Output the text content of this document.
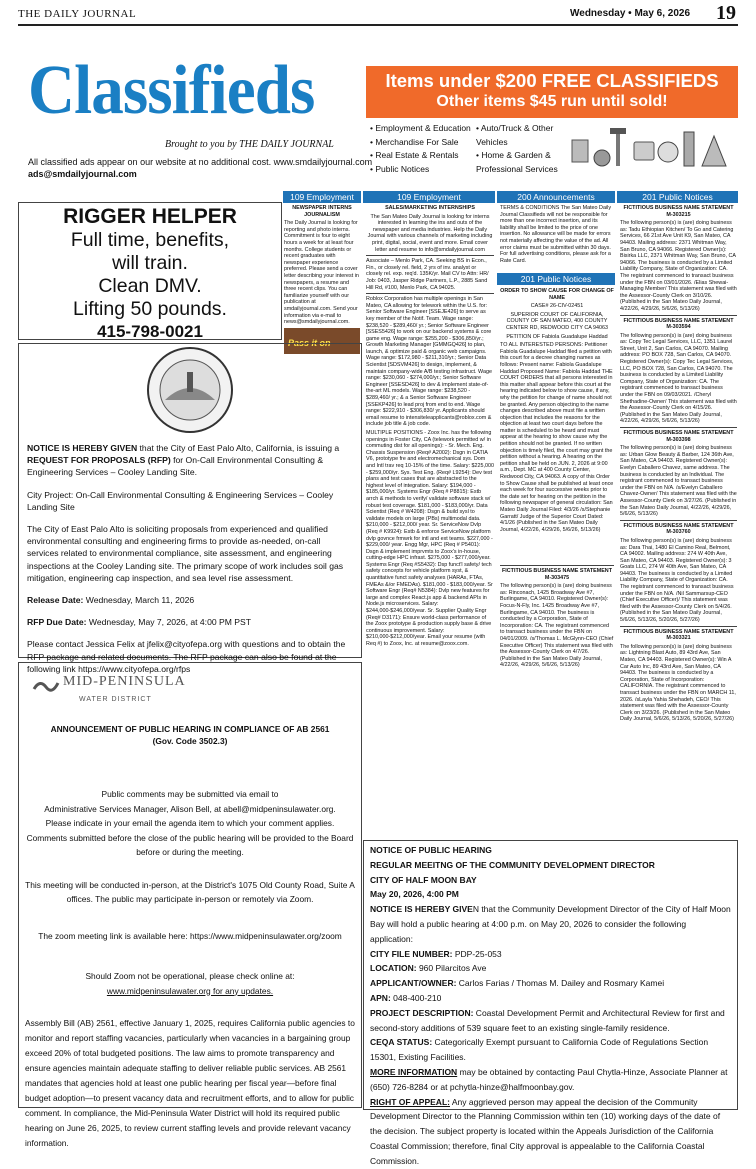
THE DAILY JOURNAL	Wednesday • May 6, 2026 19
Classifieds
Brought to you by THE DAILY JOURNAL
Items under $200 FREE CLASSIFIEDS
Other items $45 run until sold!
• Employment & Education
• Merchandise For Sale
• Real Estate & Rentals
• Public Notices
• Auto/Truck & Other Vehicles
• Home & Garden & Professional Services
All classified ads appear on our website at no additional cost. www.smdailyjournal.com
ads@smdailyjournal.com
109 Employment	109 Employment	200 Announcements	201 Public Notices
RIGGER HELPER
Full time, benefits,
will train.
Clean DMV.
Lifting 50 pounds.
415-798-0021

NEWSPAPER INTERNS JOURNALISM

The Daily Journal is looking for reporting and photo interns. Commitment is four to eight hours a week for at least four months. College students or recent graduates with newspaper experience preferred. Please send a cover letter describing your interest in newspapers, a resume and three recent clips. You can familiarize yourself with our publication at smdailyjournal.com. Send your information via e-mail to news@smdailyjournal.com.

Pass it on

SALES/MARKETING INTERNSHIPS

The San Mateo Daily Journal is looking for interns interested in learning the ins and outs of the newspaper and media industries. Help the Daily Journal with various channels of marketing including print, digital, social, event and more. Email cover letter and resume to info@smdailyjournal.com

Associate – Menlo Park, CA. Seeking BS in Econ., Fin., or closely rel. field, 2 yrs of inv. analyst or closely rel. exp. req'd. 135K/yr. Mail CV to Attn: HR/ Job: 0403, Jasper Ridge Partners, L.P., 2885 Sand Hill Rd, #100, Menlo Park, CA 94025.

Roblox Corporation has multiple openings in San Mateo, CA allowing for telework within the U.S. for: Senior Software Engineer [SSEJE426] to serve as key member of the Notif. Team. Wage range: $238,520 - $289,460/ yr.; Senior Software Engineer [SSES5426] to work on our backend systems & core game eng. Wage range: $255,200 - $306,850/yr.; Growth Marketing Manager [GMMGQ426] to plan, launch, & optimize paid & organic web campaigns. Wage range: $172,980 - $211,310/yr.; Senior Data Scientist [SDSVM426] to design, implement, & maintain company-wide A/B testing infrastruct. Wage range: $230,060 - $274,000/yr.; Senior Software Engineer [SSESD426] to dev & implement state-of-the-art ML models. Wage range: $238,520 - $289,460/ yr.; & a Senior Software Engineer [SSEKP426] to lead proj from end to end. Wage range: $222,910 - $306,830/ yr. Applicants should email resume to intensiteleapplicants@roblox.com & include job title & job code.

MULTIPLE POSITIONS - Zoox Inc. has the following openings in Foster City, CA (telework permitted w/ in commuting dist for all openings): - Sr. Mech. Eng. Chassis Suspension (Req# A2002): Dsgn in CATIA V6, prototype fre and electromechanical sys. Dom and Intl trav req 10-15% of the time. Salary: $225,000 - $259,000/yr. Sys. Test Eng. (Req# L9254): Dev test plans and test cases that are abstracted to the highest level of integration. Salary: $194,000 - $185,000/yr. Systems Engr (Req # P8815): Estb arrch & methods to verify/ validate software stack w/ robust test coverage. $181,000 - $183,000/yr. Data Scientist (Req # W4208): Dsgn & build sysl to validate models on large (PBs) multimodal data. $210,000 - $212,000/ year. Sr. ServiceNow Dvlp (Req # K9924): Estb & enforce ServiceNow platform dvlp govnce frmwrk for intl and ext teams. $227,000 - $229,000/ year. Engg Mgr, HPC (Req # P5401): Dsgn & implement imprvmts to Zoox's in-house, cutting-edge HPC infrast. $275,000 - $277,000/year. Systems Engr (Req #S5432): Dsp funct'l safety/ tech safety concepts for vehicle platform syst, & quantitative funct safety analyses (HARAs, FTAs, FMEAs &/or FMEDAs). $181,000 - $183,000/year. Sr Software Engr (Req# N5384): Dvlp new features for large and complex React.js app & backend APIs in Node.js microservices. Salary: $244,000-$246,000/year. Sr. Supplier Quality Engr (Req# D3171): Ensure world-class performance of the Zoox prototype & production supply base & drive continuous improvement. Salary: $210,000-$212,000/year. Email your resume (with Req #) to Zoox, Inc. at resume@zoox.com.

TERMS & CONDITIONS The San Mateo Daily Journal Classifieds will not be responsible for more than one incorrect insertion, and its liability shall be limited to the price of one insertion. No allowance will be made for errors not materially affecting the value of the ad. All error claims must be submitted within 30 days. For full advertising conditions, please ask for a Rate Card.

201 Public Notices

ORDER TO SHOW CAUSE FOR CHANGE OF NAME

CASE# 26-CIV-02451

SUPERIOR COURT OF CALIFORNIA, COUNTY OF SAN MATEO, 400 COUNTY CENTER RD, REDWOOD CITY CA 94063

PETITION OF Fabiola Guadalupe Haddad

TO ALL INTERESTED PERSONS: Petitioner Fabiola Guadalupe Haddad filed a petition with this court for a decree changing names as follows: Present name: Fabiola Guadalupe Haddad Proposed Name: Fabiola Haddad THE COURT ORDERS that all persons interested in this matter shall appear before this court at the hearing indicated below to show cause, if any, why the petition for change of name should not be granted. Any person objecting to the name changes described above must file a written objection that includes the reasons for the objection at least two court days before the matter is scheduled to be heard and must appear at the hearing to show cause why the petition should not be granted. If no written objection is timely filed, the court may grant the petition without a hearing. A hearing on the petition shall be held on JUN. 2, 2026 at 9:00 a.m., Dept. MC at 400 County Center, Redwood City, CA 94063. A copy of this Order to Show Cause shall be published at least once each week for four successive weeks prior to the date set for hearing on the petition in the following newspaper of general circulation: San Mateo Daily Journal Filed: 4/3/26 /s/Stephanie Garratt/ Judge of the Superior Court Dated: 4/1/26 (Published in the San Mateo Daily Journal, 4/22/26, 4/29/26, 5/6/26, 5/13/26)

FICTITIOUS BUSINESS NAME STATEMENT M-303475

The following person(s) is (are) doing business as: Rinconach, 1425 Broadway Ave #7, Burlingame, CA 94010. Registered Owner(s): Focus-N-Fly, Inc. 1425 Broadway Ave #7, Burlingame, CA 94010. The business is conducted by a Corporation, State of Incorporation: CA. The registrant commenced to transact business under the FBN on 04/01/2009. /s/Thomas L. McGlynn-CEO (Chief Executive Officer) This statement was filed with the Assessor-County Clerk on 4/7/26. (Published in the San Mateo Daily Journal, 4/22/26, 4/29/26, 5/6/26, 5/13/26)

FICTITIOUS BUSINESS NAME STATEMENT M-303215

The following person(s) is (are) doing business as: Tadu Ethiopian Kitchen/ To Go and Catering Services, 66 21st Ave Unit K9, San Mateo, CA 94403. Mailing address: 2371 Whitman Way, San Bruno, CA 94066. Registered Owner(s): Bisirka LLC, 2371 Whitman Way, San Bruno, CA 94066. The business is conducted by a Limited Liability Company, State of Organization: CA. The registrant commenced to transact business under the FBN on 03/01/2026. /Elias Shewai-Managing Member/ This statement was filed with the Assessor-County Clerk on 3/10/26. (Published in the San Mateo Daily Journal, 4/22/26, 4/29/26, 5/6/26, 5/13/26)

FICTITIOUS BUSINESS NAME STATEMENT M-303594

The following person(s) is (are) doing business as: Copy Tec Legal Services, LLC, 1351 Laurel Street, Unit 2, San Carlos, CA 94070. Mailing address: PO BOX 728, San Carlos, CA 94070. Registered Owner(s): Copy Tec Legal Services, LLC, PO BOX 728, San Carlos, CA 94070. The business is conducted by a Limited Liability Company, State of Organization: CA. The registrant commenced to transact business under the FBN on 09/03/2021. /Cheryl Shethadine-Owner/ This statement was filed with the Assessor-County Clerk on 4/15/26. (Published in the San Mateo Daily Journal, 4/22/26, 4/29/26, 5/6/26, 5/13/26)

FICTITIOUS BUSINESS NAME STATEMENT M-303398

The following person(s) is (are) doing business as: Urban Glow Beauty & Barber, 124 36th Ave, San Mateo, CA 94403. Registered Owner(s): Evelyn Caballero Chavez, same address. The business is conducted by an Individual. The registrant commenced to transact business under the FBN on N/A. /s/Evelyn Caballero Chavez-Owner/ This statement was filed with the Assessor-County Clerk on 3/27/26. (Published in the San Mateo Daily Journal, 4/22/26, 4/29/26, 5/6/26, 5/13/26)

FICTITIOUS BUSINESS NAME STATEMENT M-303760

The following person(s) is (are) doing business as: Dara Thai, 1480 El Camino Real, Belmont, CA 94002. Mailing address: 274 W 40th Ave, San Mateo, CA 94403. Registered Owner(s): 3 Goats LLC, 274 W 40th Ave, San Mateo, CA 94403. The business is conducted by a Limited Liability Company, State of Organization: CA. The registrant commenced to transact business under the FBN on N/A. /Nil Sammarsup-CEO (Chief Executive Officer)/ This statement was filed with the Assessor-County Clerk on 5/4/26. (Published in the San Mateo Daily Journal, 5/6/26, 5/13/26, 5/20/26, 5/27/26)

FICTITIOUS BUSINESS NAME STATEMENT M-303321

The following person(s) is (are) doing business as: Lightning Blast Auto, 89 43rd Ave, San Mateo, CA 94403. Registered Owner(s): Win A Car Auto Inc, 89 43rd Ave, San Mateo, CA 94403. The business is conducted by a Corporation, State of Incorporation: CALIFORNIA. The registrant commenced to transact business under the FBN on MARCH 11, 2026. /sLayla Yahia Shehadeh, CEO/ This statement was filed with the Assessor-County Clerk on 3/23/26. (Published in the San Mateo Daily Journal, 5/6/26, 5/13/26, 5/20/26, 5/27/26)

NOTICE IS HEREBY GIVEN that the City of East Palo Alto, California, is issuing a REQUEST FOR PROPOSALS (RFP) for On-Call Environmental Consulting & Engineering Services – Cooley Landing Site.

City Project: On-Call Environmental Consulting & Engineering Services – Cooley Landing Site

The City of East Palo Alto is soliciting proposals from experienced and qualified environmental consulting and engineering firms to provide as-needed, on-call services related to environmental compliance, site assessment, and engineering inspections at the Cooley Landing site. The primary scope of work includes soil gas mitigation, engineering cap inspection, and sea level rise assessment.

Release Date: Wednesday, March 11, 2026

RFP Due Date: Wednesday, May 7, 2026, at 4:00 PM PST

Please contact Jessica Felix at jfelix@cityofepa.org with questions and to obtain the RFP package and related documents. The RFP package can also be found at the following link https://www.cityofepa.org/rfps

MID-PENINSULA
WATER DISTRICT
ANNOUNCEMENT OF PUBLIC HEARING IN COMPLIANCE OF AB 2561
(Gov. Code 3502.3)
Public comments may be submitted via email to
Administrative Services Manager, Alison Bell, at abell@midpeninsulawater.org.
Please indicate in your email the agenda item to which your comment applies.
Comments submitted before the close of the public hearing will be provided to the Board
before or during the meeting.
This meeting will be conducted in-person, at the District's 1075 Old County Road, Suite A
offices. The public may participate in-person or remotely via Zoom.
The zoom meeting link is available here: https://www.midpeninsulawater.org/zoom
Should Zoom not be operational, please check online at:
www.midpeninsulawater.org for any updates.
Assembly Bill (AB) 2561, effective January 1, 2025, requires California public agencies to monitor and report staffing vacancies, particularly when vacancies in a bargaining group exceed 20% of total budgeted positions. The law aims to promote transparency and ensure agencies maintain adequate staffing to deliver reliable public services. AB 2561 mandates that agencies hold at least one public hearing per fiscal year—before final budget adoption—to present vacancy data and recruitment efforts, and to allow for public comment. In compliance, the Mid-Peninsula Water District will hold its required public hearing on June 26, 2025, to review current staffing levels and provide relevant vacancy information.
NOTICE OF PUBLIC HEARING
REGULAR MEEITNG OF THE COMMUNITY DEVELOPMENT DIRECTOR
CITY OF HALF MOON BAY
May 20, 2026, 4:00 PM
NOTICE IS HEREBY GIVEN that the Community Development Director of the City of Half Moon Bay will hold a public hearing at 4:00 p.m. on May 20, 2026 to consider the following application:
CITY FILE NUMBER: PDP-25-053
LOCATION: 960 Pilarcitos Ave
APPLICANT/OWNER: Carlos Farias / Thomas M. Dailey and Rosmary Kamei
APN: 048-400-210
PROJECT DESCRIPTION: Coastal Development Permit and Architectural Review for first and second-story additions of 539 square feet to an existing single-family residence.
CEQA STATUS: Categorically Exempt pursuant to California Code of Regulations Section 15301, Existing Facilities.
MORE INFORMATION may be obtained by contacting Paul Chytla-Hinze, Associate Planner at (650) 726-8284 or at pchytla-hinze@halfmoonbay.gov.
RIGHT OF APPEAL: Any aggrieved person may appeal the decision of the Community Development Director to the Planning Commission within ten (10) working days of the date of the decision. The subject property is located within the Appeals Jurisdiction of the California Coastal Commission; therefore, final City approval is appealable to the California Coastal Commission.
